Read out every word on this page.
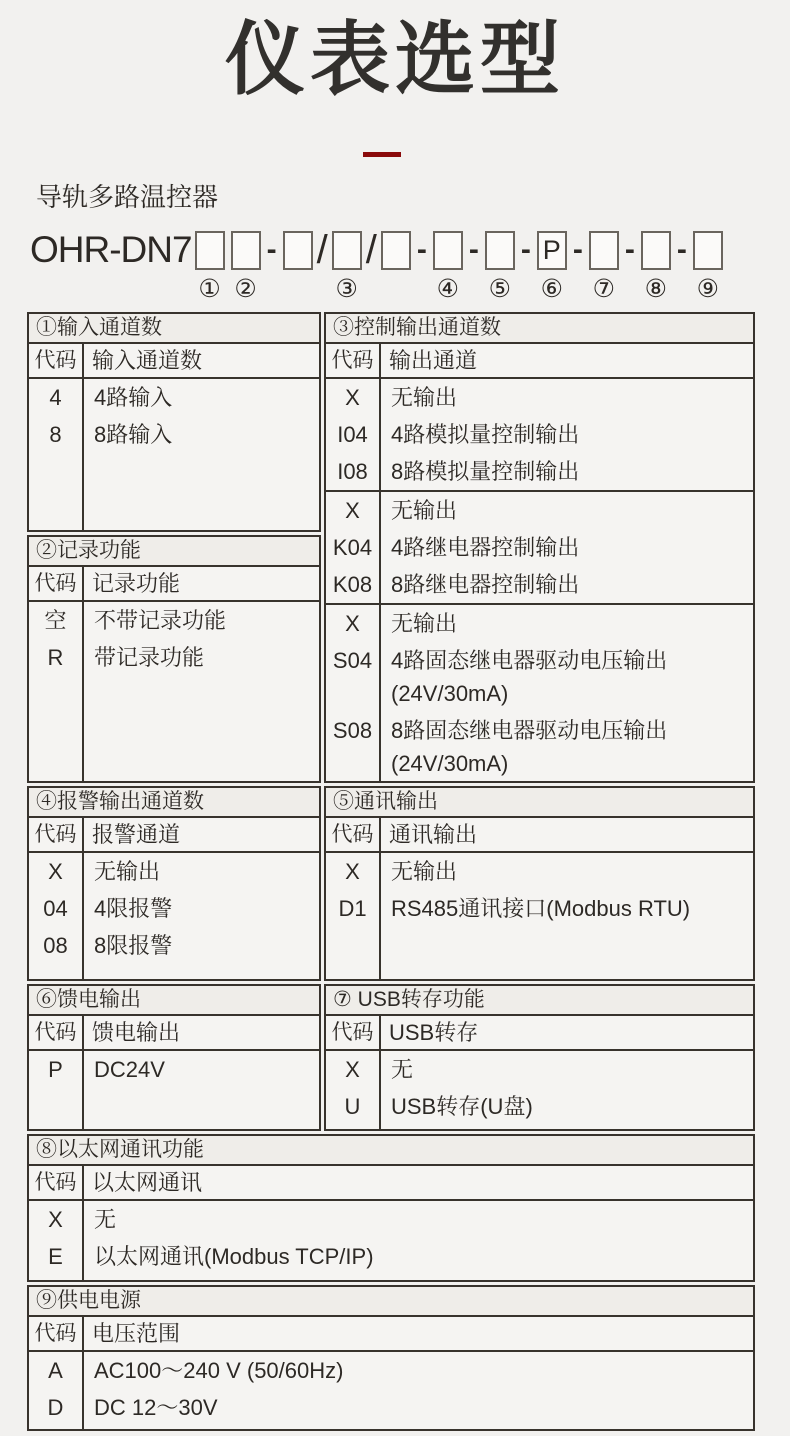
仪表选型
导轨多路温控器
OHR-DN7
① ②
- /
③
/ -
④
-
⑤
- P
⑥
-
⑦
-
⑧
-
⑨
①输入通道数
代码 输入通道数
4	4路输入
8	8路输入
②记录功能
代码 记录功能
空	不带记录功能
R	带记录功能
③控制输出通道数
代码 输出通道
X	无输出
I04	4路模拟量控制输出
I08	8路模拟量控制输出
X	无输出
K04 4路继电器控制输出
K08 8路继电器控制输出
X	无输出
S04 4路固态继电器驱动电压输出
(24V/30mA)
S08 8路固态继电器驱动电压输出
(24V/30mA)
④报警输出通道数
代码 报警通道
X	无输出
04	4限报警
08	8限报警
⑤通讯输出
代码 通讯输出
X	无输出
D1	RS485通讯接口(Modbus RTU)
⑥馈电输出
代码 馈电输出
P	DC24V
⑦ USB转存功能
代码 USB转存
X	无
U	USB转存(U盘)
⑧以太网通讯功能
代码 以太网通讯
X	无
E	以太网通讯(Modbus TCP/IP)
⑨供电电源
代码 电压范围
A	AC100～240 V (50/60Hz)
D	DC 12～30V
